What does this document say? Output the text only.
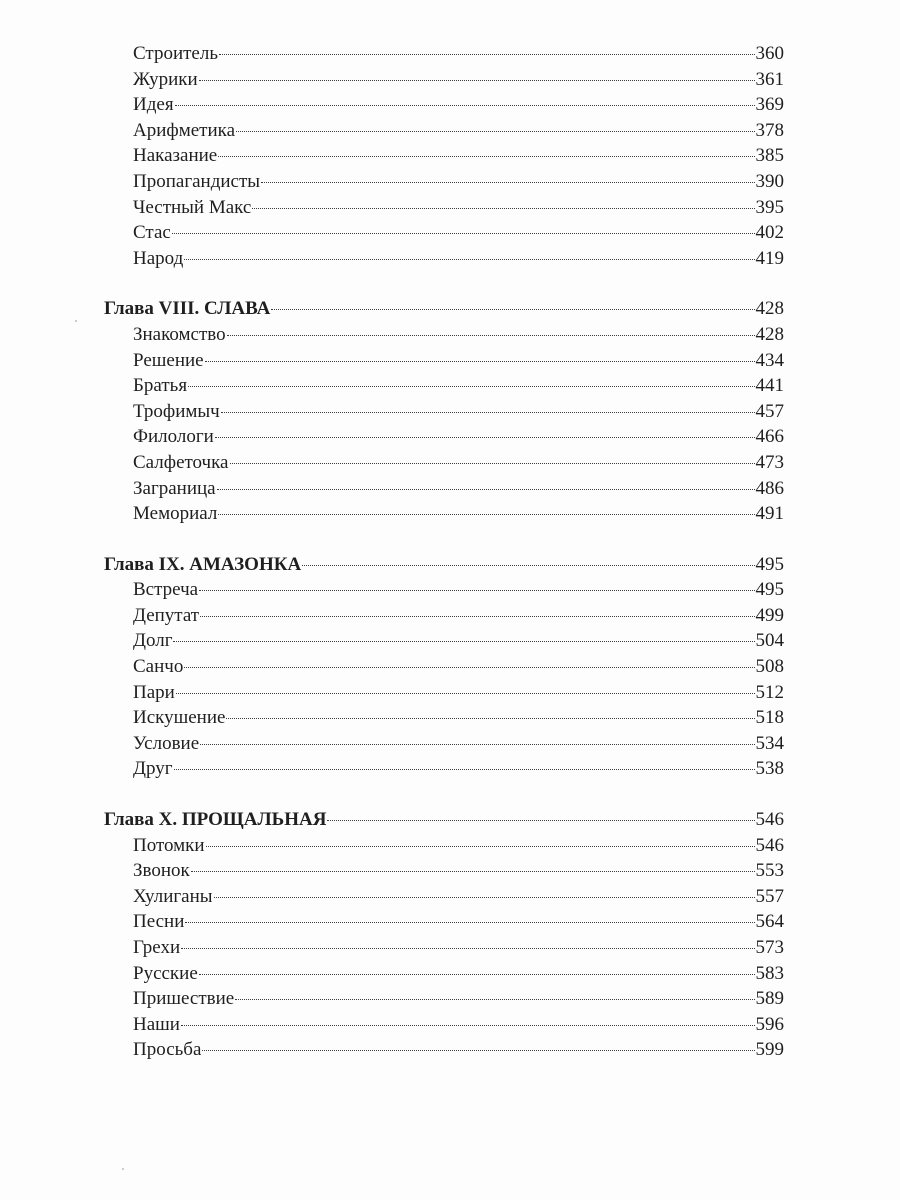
Строитель	360
Журики	361
Идея	369
Арифметика	378
Наказание	385
Пропагандисты	390
Честный Макс	395
Стас	402
Народ	419
Глава VIII. СЛАВА	428
Знакомство	428
Решение	434
Братья	441
Трофимыч	457
Филологи	466
Салфеточка	473
Заграница	486
Мемориал	491
Глава IX. АМАЗОНКА	495
Встреча	495
Депутат	499
Долг	504
Санчо	508
Пари	512
Искушение	518
Условие	534
Друг	538
Глава X. ПРОЩАЛЬНАЯ	546
Потомки	546
Звонок	553
Хулиганы	557
Песни	564
Грехи	573
Русские	583
Пришествие	589
Наши	596
Просьба	599
